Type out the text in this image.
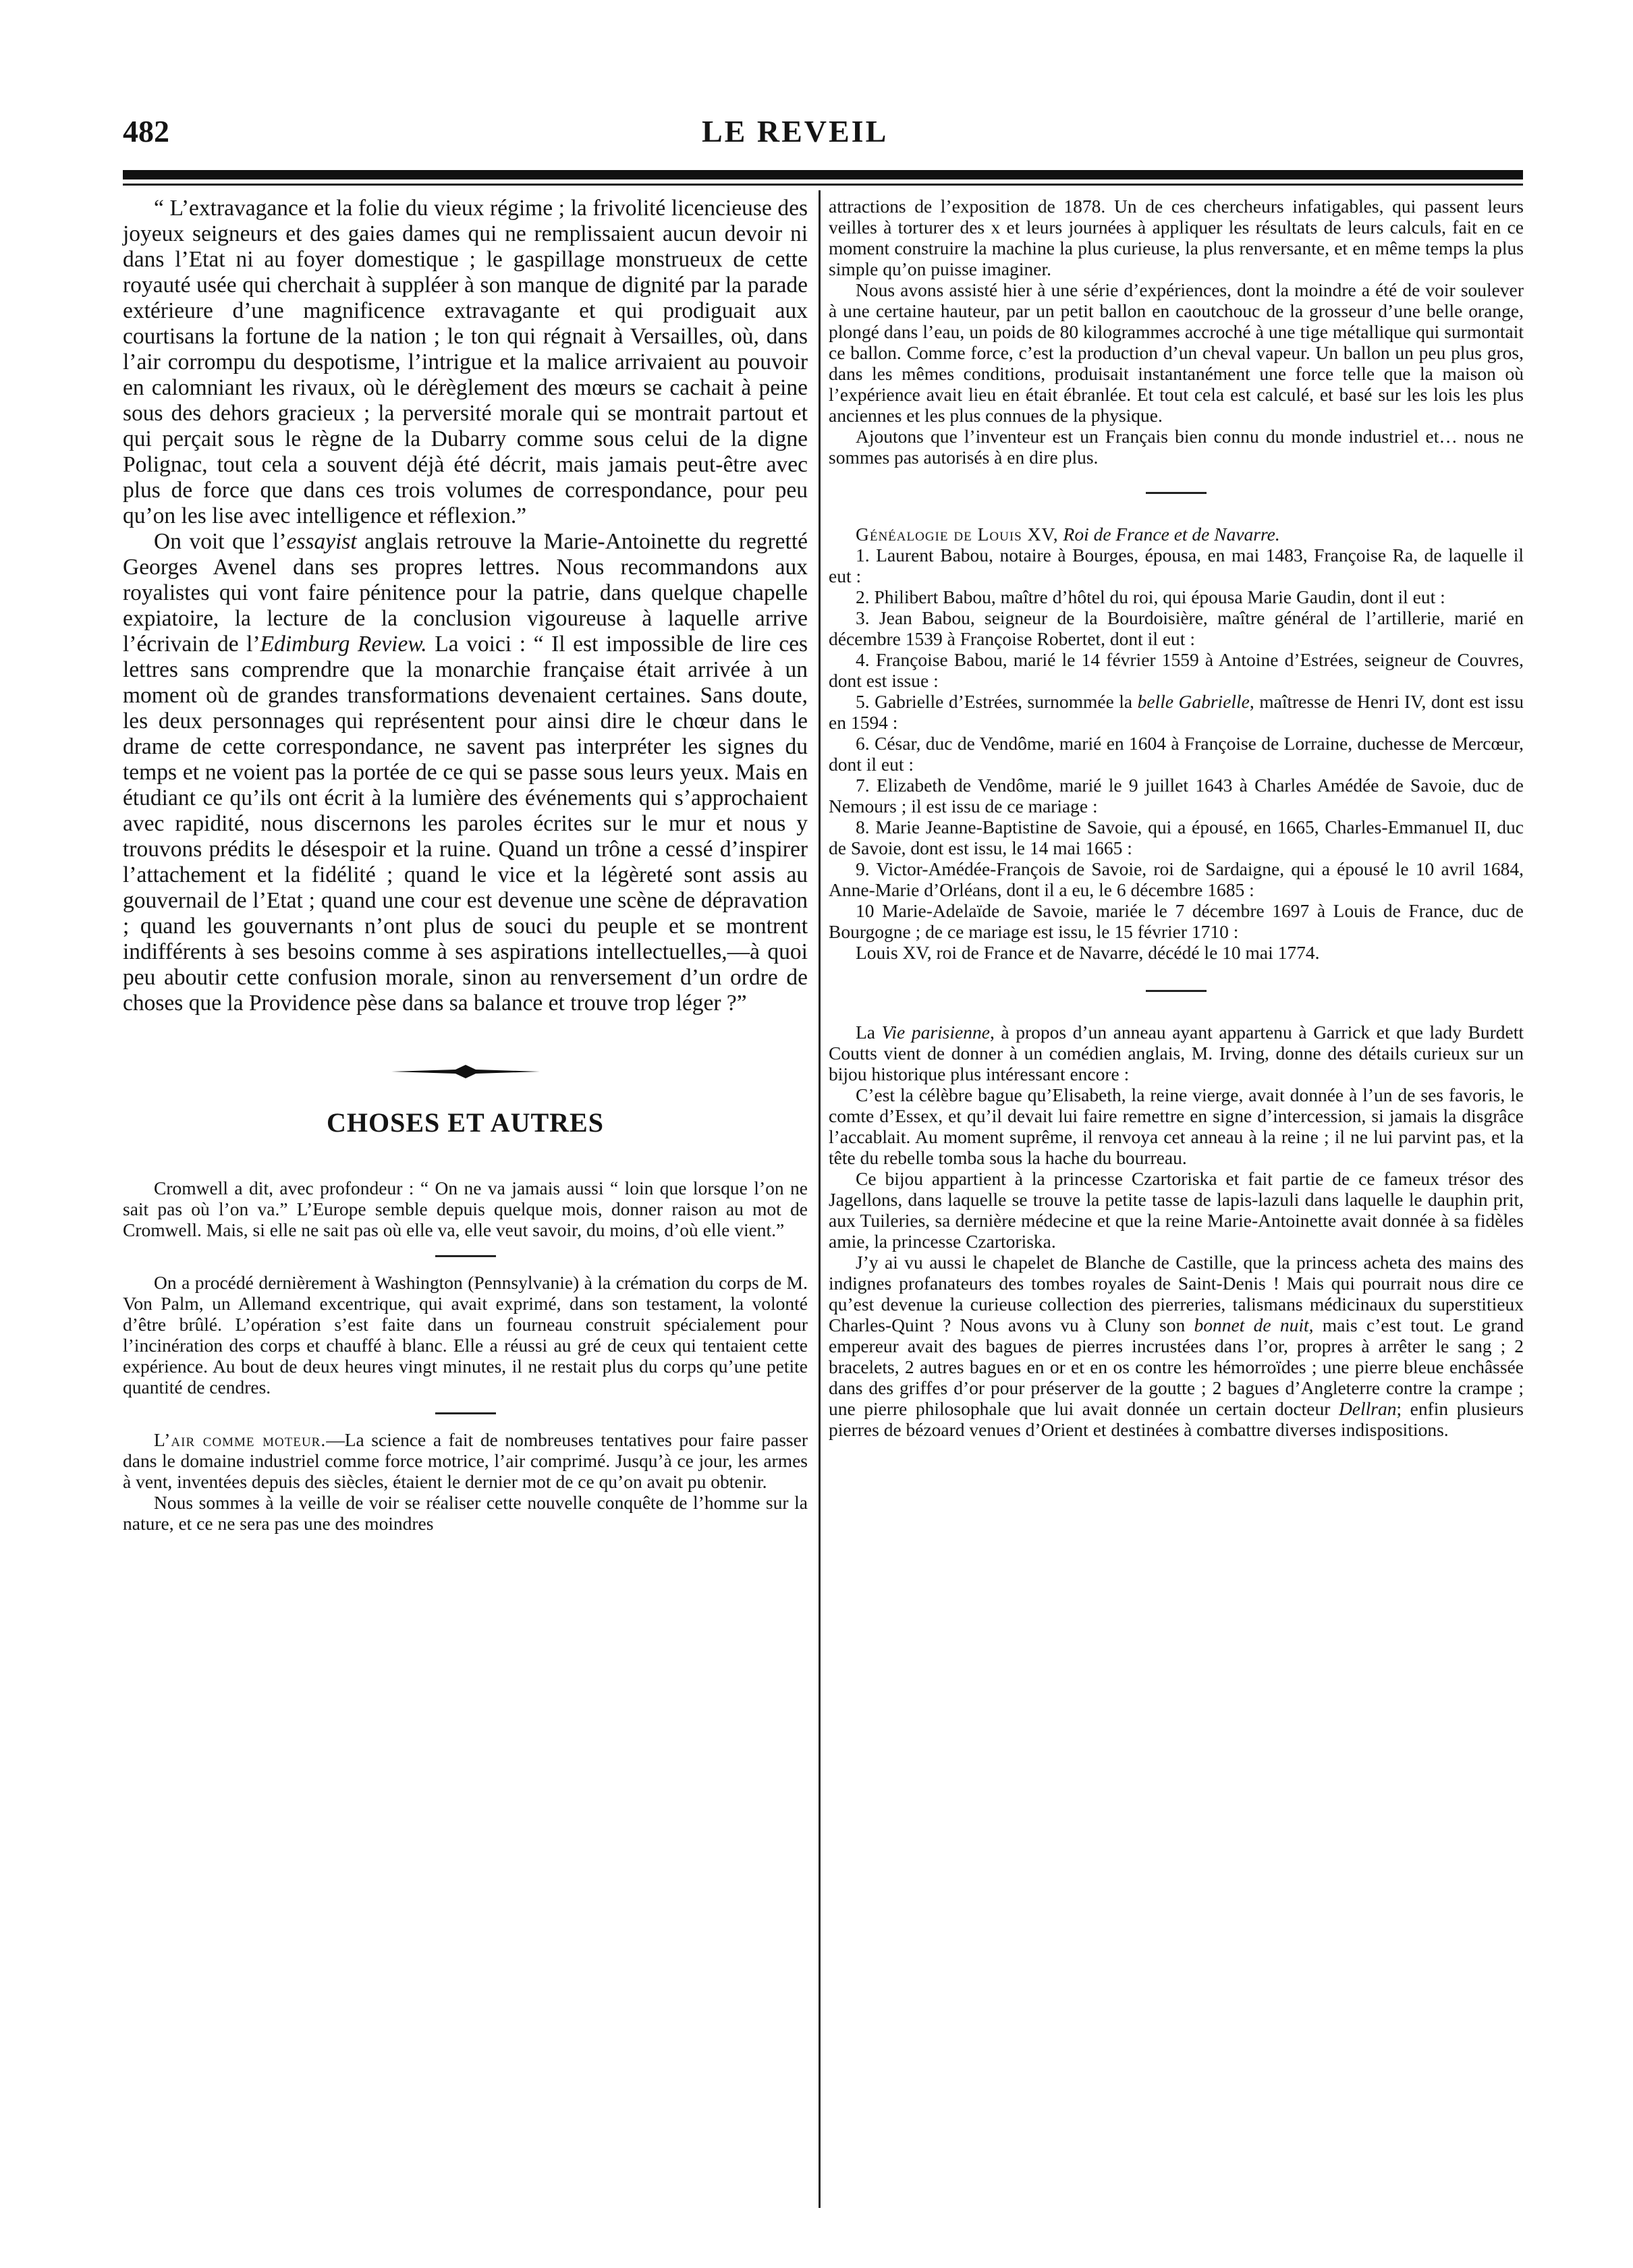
482	LE REVEIL

“ L’extravagance et la folie du vieux régime ; la frivolité licencieuse des joyeux seigneurs et des gaies dames qui ne remplissaient aucun devoir ni dans l’Etat ni au foyer domestique ; le gaspillage monstrueux de cette royauté usée qui cherchait à suppléer à son manque de dignité par la parade extérieure d’une magnificence extravagante et qui prodiguait aux courtisans la fortune de la nation ; le ton qui régnait à Versailles, où, dans l’air corrompu du despotisme, l’intrigue et la malice arrivaient au pouvoir en calomniant les rivaux, où le dérèglement des mœurs se cachait à peine sous des dehors gracieux ; la perversité morale qui se montrait partout et qui perçait sous le règne de la Dubarry comme sous celui de la digne Polignac, tout cela a souvent déjà été décrit, mais jamais peut-être avec plus de force que dans ces trois volumes de correspondance, pour peu qu’on les lise avec intelligence et réflexion.”

On voit que l’essayist anglais retrouve la Marie-Antoinette du regretté Georges Avenel dans ses propres lettres. Nous recommandons aux royalistes qui vont faire pénitence pour la patrie, dans quelque chapelle expiatoire, la lecture de la conclusion vigoureuse à laquelle arrive l’écrivain de l’Edimburg Review. La voici : “ Il est impossible de lire ces lettres sans comprendre que la monarchie française était arrivée à un moment où de grandes transformations devenaient certaines. Sans doute, les deux personnages qui représentent pour ainsi dire le chœur dans le drame de cette correspondance, ne savent pas interpréter les signes du temps et ne voient pas la portée de ce qui se passe sous leurs yeux. Mais en étudiant ce qu’ils ont écrit à la lumière des événements qui s’approchaient avec rapidité, nous discernons les paroles écrites sur le mur et nous y trouvons prédits le désespoir et la ruine. Quand un trône a cessé d’inspirer l’attachement et la fidélité ; quand le vice et la légèreté sont assis au gouvernail de l’Etat ; quand une cour est devenue une scène de dépravation ; quand les gouvernants n’ont plus de souci du peuple et se montrent indifférents à ses besoins comme à ses aspirations intellectuelles,—à quoi peu aboutir cette confusion morale, sinon au renversement d’un ordre de choses que la Providence pèse dans sa balance et trouve trop léger ?”

CHOSES ET AUTRES

Cromwell a dit, avec profondeur : “ On ne va jamais aussi “ loin que lorsque l’on ne sait pas où l’on va.” L’Europe semble depuis quelque mois, donner raison au mot de Cromwell. Mais, si elle ne sait pas où elle va, elle veut savoir, du moins, d’où elle vient.”

On a procédé dernièrement à Washington (Pennsylvanie) à la crémation du corps de M. Von Palm, un Allemand excentrique, qui avait exprimé, dans son testament, la volonté d’être brûlé. L’opération s’est faite dans un fourneau construit spécialement pour l’incinération des corps et chauffé à blanc. Elle a réussi au gré de ceux qui tentaient cette expérience. Au bout de deux heures vingt minutes, il ne restait plus du corps qu’une petite quantité de cendres.

L’air comme moteur.—La science a fait de nombreuses tentatives pour faire passer dans le domaine industriel comme force motrice, l’air comprimé. Jusqu’à ce jour, les armes à vent, inventées depuis des siècles, étaient le dernier mot de ce qu’on avait pu obtenir.

Nous sommes à la veille de voir se réaliser cette nouvelle conquête de l’homme sur la nature, et ce ne sera pas une des moindres

attractions de l’exposition de 1878. Un de ces chercheurs infatigables, qui passent leurs veilles à torturer des x et leurs journées à appliquer les résultats de leurs calculs, fait en ce moment construire la machine la plus curieuse, la plus renversante, et en même temps la plus simple qu’on puisse imaginer.

Nous avons assisté hier à une série d’expériences, dont la moindre a été de voir soulever à une certaine hauteur, par un petit ballon en caoutchouc de la grosseur d’une belle orange, plongé dans l’eau, un poids de 80 kilogrammes accroché à une tige métallique qui surmontait ce ballon. Comme force, c’est la production d’un cheval vapeur. Un ballon un peu plus gros, dans les mêmes conditions, produisait instantanément une force telle que la maison où l’expérience avait lieu en était ébranlée. Et tout cela est calculé, et basé sur les lois les plus anciennes et les plus connues de la physique.

Ajoutons que l’inventeur est un Français bien connu du monde industriel et… nous ne sommes pas autorisés à en dire plus.

Généalogie de Louis XV, Roi de France et de Navarre.

1. Laurent Babou, notaire à Bourges, épousa, en mai 1483, Françoise Ra, de laquelle il eut :

2. Philibert Babou, maître d’hôtel du roi, qui épousa Marie Gaudin, dont il eut :

3. Jean Babou, seigneur de la Bourdoisière, maître général de l’artillerie, marié en décembre 1539 à Françoise Robertet, dont il eut :

4. Françoise Babou, marié le 14 février 1559 à Antoine d’Estrées, seigneur de Couvres, dont est issue :

5. Gabrielle d’Estrées, surnommée la belle Gabrielle, maîtresse de Henri IV, dont est issu en 1594 :

6. César, duc de Vendôme, marié en 1604 à Françoise de Lorraine, duchesse de Mercœur, dont il eut :

7. Elizabeth de Vendôme, marié le 9 juillet 1643 à Charles Amédée de Savoie, duc de Nemours ; il est issu de ce mariage :

8. Marie Jeanne-Baptistine de Savoie, qui a épousé, en 1665, Charles-Emmanuel II, duc de Savoie, dont est issu, le 14 mai 1665 :

9. Victor-Amédée-François de Savoie, roi de Sardaigne, qui a épousé le 10 avril 1684, Anne-Marie d’Orléans, dont il a eu, le 6 décembre 1685 :

10 Marie-Adelaïde de Savoie, mariée le 7 décembre 1697 à Louis de France, duc de Bourgogne ; de ce mariage est issu, le 15 février 1710 :

Louis XV, roi de France et de Navarre, décédé le 10 mai 1774.

La Vie parisienne, à propos d’un anneau ayant appartenu à Garrick et que lady Burdett Coutts vient de donner à un comédien anglais, M. Irving, donne des détails curieux sur un bijou historique plus intéressant encore :

C’est la célèbre bague qu’Elisabeth, la reine vierge, avait donnée à l’un de ses favoris, le comte d’Essex, et qu’il devait lui faire remettre en signe d’intercession, si jamais la disgrâce l’accablait. Au moment suprême, il renvoya cet anneau à la reine ; il ne lui parvint pas, et la tête du rebelle tomba sous la hache du bourreau.

Ce bijou appartient à la princesse Czartoriska et fait partie de ce fameux trésor des Jagellons, dans laquelle se trouve la petite tasse de lapis-lazuli dans laquelle le dauphin prit, aux Tuileries, sa dernière médecine et que la reine Marie-Antoinette avait donnée à sa fidèles amie, la princesse Czartoriska.

J’y ai vu aussi le chapelet de Blanche de Castille, que la princess acheta des mains des indignes profanateurs des tombes royales de Saint-Denis ! Mais qui pourrait nous dire ce qu’est devenue la curieuse collection des pierreries, talismans médicinaux du superstitieux Charles-Quint ? Nous avons vu à Cluny son bonnet de nuit, mais c’est tout. Le grand empereur avait des bagues de pierres incrustées dans l’or, propres à arrêter le sang ; 2 bracelets, 2 autres bagues en or et en os contre les hémorroïdes ; une pierre bleue enchâssée dans des griffes d’or pour préserver de la goutte ; 2 bagues d’Angleterre contre la crampe ; une pierre philosophale que lui avait donnée un certain docteur Dellran; enfin plusieurs pierres de bézoard venues d’Orient et destinées à combattre diverses indispositions.
